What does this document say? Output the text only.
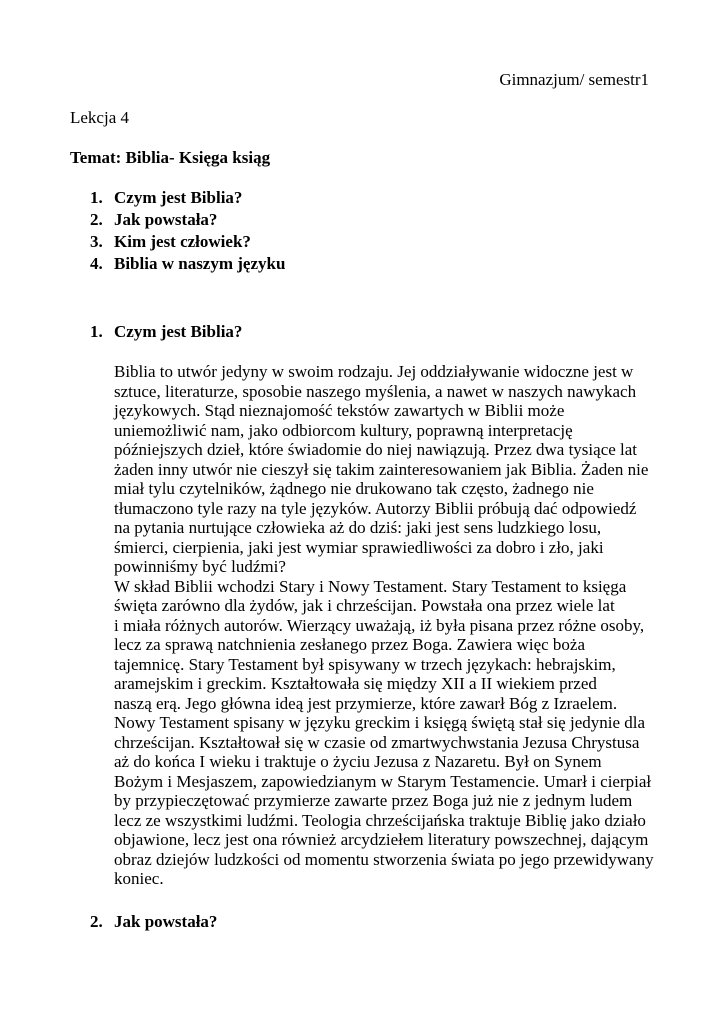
Gimnazjum/ semestr1
Lekcja 4
Temat: Biblia- Księga ksiąg
1. Czym jest Biblia?
2. Jak powstała?
3. Kim jest człowiek?
4. Biblia w naszym języku
1. Czym jest Biblia?
Biblia to utwór jedyny w swoim rodzaju. Jej oddziaływanie widoczne jest w
sztuce, literaturze, sposobie naszego myślenia, a nawet w naszych nawykach
językowych. Stąd nieznajomość tekstów zawartych w Biblii może
uniemożliwić nam, jako odbiorcom kultury, poprawną interpretację
późniejszych dzieł, które świadomie do niej nawiązują. Przez dwa tysiące lat
żaden inny utwór nie cieszył się takim zainteresowaniem jak Biblia. Żaden nie
miał tylu czytelników, żądnego nie drukowano tak często, żadnego nie
tłumaczono tyle razy na tyle języków. Autorzy Biblii próbują dać odpowiedź
na pytania nurtujące człowieka aż do dziś: jaki jest sens ludzkiego losu,
śmierci, cierpienia, jaki jest wymiar sprawiedliwości za dobro i zło, jaki
powinniśmy być ludźmi?
W skład Biblii wchodzi Stary i Nowy Testament. Stary Testament to księga
święta zarówno dla żydów, jak i chrześcijan. Powstała ona przez wiele lat
i miała różnych autorów. Wierzący uważają, iż była pisana przez różne osoby,
lecz za sprawą natchnienia zesłanego przez Boga. Zawiera więc boża
tajemnicę. Stary Testament był spisywany w trzech językach: hebrajskim,
aramejskim i greckim. Kształtowała się między XII a II wiekiem przed
naszą erą. Jego główna ideą jest przymierze, które zawarł Bóg z Izraelem.
Nowy Testament spisany w języku greckim i księgą świętą stał się jedynie dla
chrześcijan. Kształtował się w czasie od zmartwychwstania Jezusa Chrystusa
aż do końca I wieku i traktuje o życiu Jezusa z Nazaretu. Był on Synem
Bożym i Mesjaszem, zapowiedzianym w Starym Testamencie. Umarł i cierpiał
by przypieczętować przymierze zawarte przez Boga już nie z jednym ludem
lecz ze wszystkimi ludźmi. Teologia chrześcijańska traktuje Biblię jako działo
objawione, lecz jest ona również arcydziełem literatury powszechnej, dającym
obraz dziejów ludzkości od momentu stworzenia świata po jego przewidywany
koniec.
2. Jak powstała?
